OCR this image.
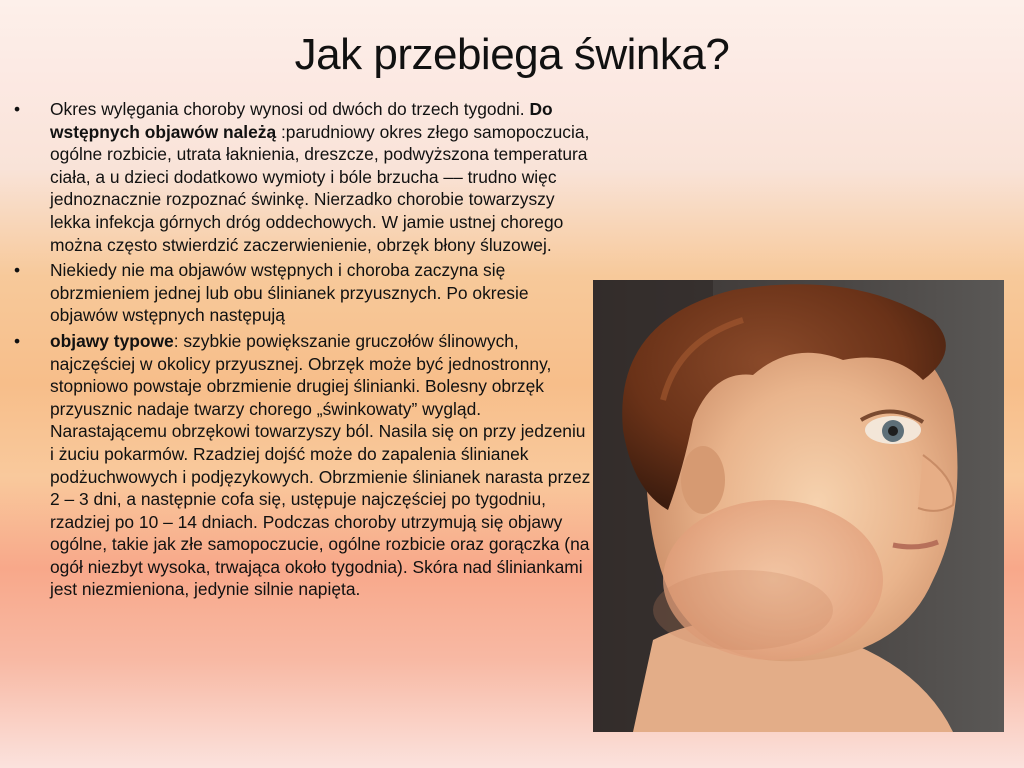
Jak przebiega świnka?
•	Okres wylęgania choroby wynosi od dwóch do trzech tygodni. Do wstępnych objawów należą :parudniowy okres złego samopoczucia, ogólne rozbicie, utrata łaknienia, dreszcze, podwyższona temperatura ciała, a u dzieci dodatkowo wymioty i bóle brzucha –– trudno więc jednoznacznie rozpoznać świnkę. Nierzadko chorobie towarzyszy lekka infekcja górnych dróg oddechowych. W jamie ustnej chorego można często stwierdzić zaczerwienienie, obrzęk błony śluzowej.
•	Niekiedy nie ma objawów wstępnych i choroba zaczyna się obrzmieniem jednej lub obu ślinianek przyusznych. Po okresie objawów wstępnych następują
•	objawy typowe: szybkie powiększanie gruczołów ślinowych, najczęściej w okolicy przyusznej. Obrzęk może być jednostronny, stopniowo powstaje obrzmienie drugiej ślinianki. Bolesny obrzęk przyusznic nadaje twarzy chorego „świnkowaty” wygląd. Narastającemu obrzękowi towarzyszy ból. Nasila się on przy jedzeniu i żuciu pokarmów. Rzadziej dojść może do zapalenia ślinianek podżuchwowych i podjęzykowych. Obrzmienie ślinianek narasta przez 2 – 3 dni, a następnie cofa się, ustępuje najczęściej po tygodniu, rzadziej po 10 – 14 dniach. Podczas choroby utrzymują się objawy ogólne, takie jak złe samopoczucie, ogólne rozbicie oraz gorączka (na ogół niezbyt wysoka, trwająca około tygodnia). Skóra nad śliniankami jest niezmieniona, jedynie silnie napięta.
